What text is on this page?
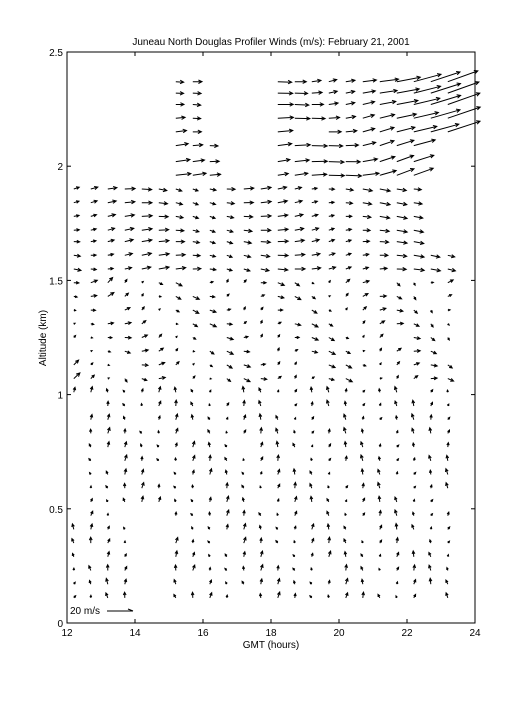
Juneau North Douglas Profiler Winds (m/s): February 21, 2001
12	14	16	18	20	22	24
0
0.5
1
1.5
2
2.5
GMT (hours)
Altitude (km)
20 m/s
